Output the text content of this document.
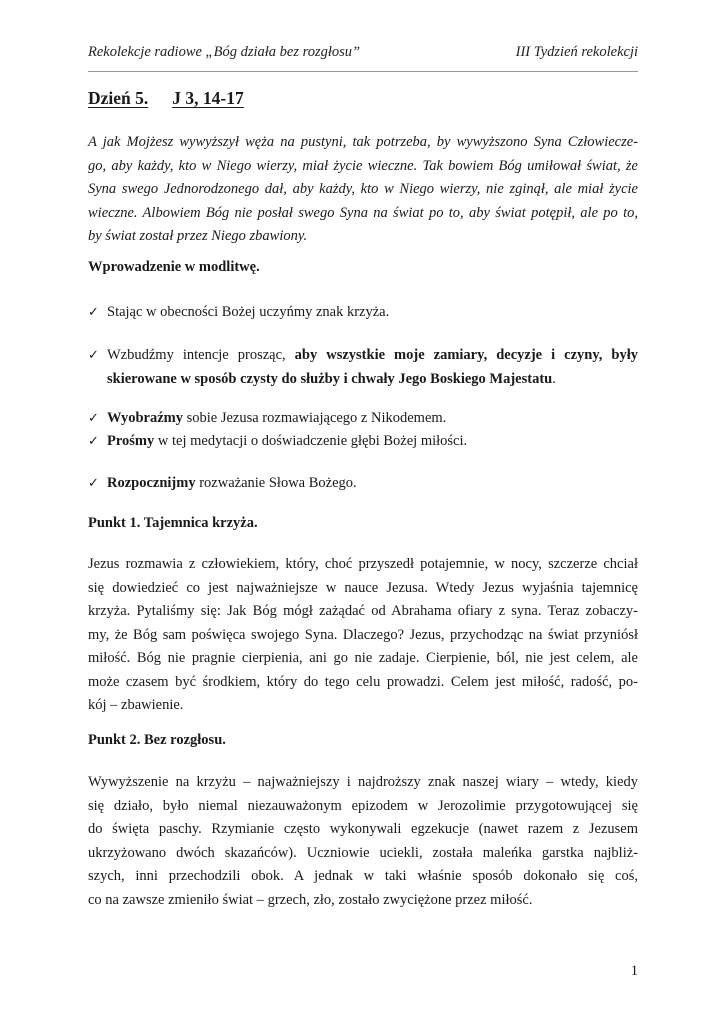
Rekolekcje radiowe „Bóg działa bez rozgłosu”	III Tydzień rekolekcji
Dzień 5. J 3, 14-17
A jak Mojżesz wywyższył węża na pustyni, tak potrzeba, by wywyższono Syna Człowiecze-
go, aby każdy, kto w Niego wierzy, miał życie wieczne. Tak bowiem Bóg umiłował świat, że
Syna swego Jednorodzonego dał, aby każdy, kto w Niego wierzy, nie zginął, ale miał życie
wieczne. Albowiem Bóg nie posłał swego Syna na świat po to, aby świat potępił, ale po to,
by świat został przez Niego zbawiony.
Wprowadzenie w modlitwę.
✓ Stając w obecności Bożej uczyńmy znak krzyża.
✓ Wzbudźmy intencje prosząc, aby wszystkie moje zamiary, decyzje i czyny, były
skierowane w sposób czysty do służby i chwały Jego Boskiego Majestatu.
✓ Wyobraźmy sobie Jezusa rozmawiającego z Nikodemem.
✓ Prośmy w tej medytacji o doświadczenie głębi Bożej miłości.
✓ Rozpocznijmy rozważanie Słowa Bożego.
Punkt 1. Tajemnica krzyża.
Jezus rozmawia z człowiekiem, który, choć przyszedł potajemnie, w nocy, szczerze chciał
się dowiedzieć co jest najważniejsze w nauce Jezusa. Wtedy Jezus wyjaśnia tajemnicę
krzyża. Pytaliśmy się: Jak Bóg mógł zażądać od Abrahama ofiary z syna. Teraz zobaczy-
my, że Bóg sam poświęca swojego Syna. Dlaczego? Jezus, przychodząc na świat przyniósł
miłość. Bóg nie pragnie cierpienia, ani go nie zadaje. Cierpienie, ból, nie jest celem, ale
może czasem być środkiem, który do tego celu prowadzi. Celem jest miłość, radość, po-
kój – zbawienie.
Punkt 2. Bez rozgłosu.
Wywyższenie na krzyżu – najważniejszy i najdroższy znak naszej wiary – wtedy, kiedy
się działo, było niemal niezauważonym epizodem w Jerozolimie przygotowującej się
do święta paschy. Rzymianie często wykonywali egzekucje (nawet razem z Jezusem
ukrzyżowano dwóch skazańców). Uczniowie uciekli, została maleńka garstka najbliż-
szych, inni przechodzili obok. A jednak w taki właśnie sposób dokonało się coś,
co na zawsze zmieniło świat – grzech, zło, zostało zwyciężone przez miłość.
1
